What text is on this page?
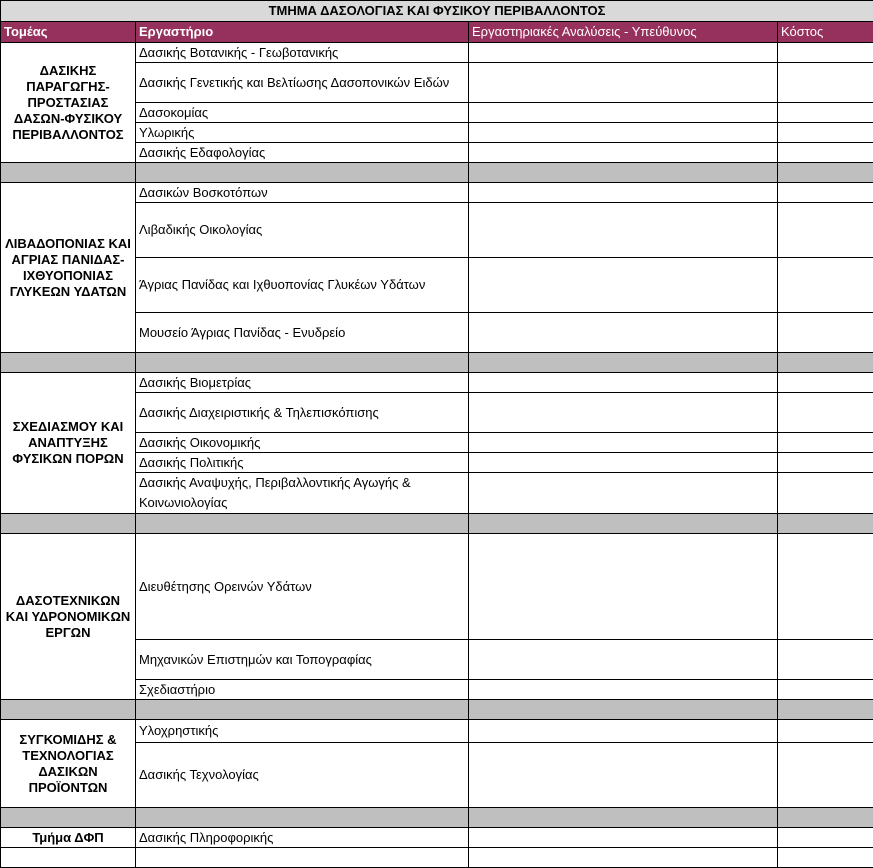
ΤΜΗΜΑ ΔΑΣΟΛΟΓΙΑΣ ΚΑΙ ΦΥΣΙΚΟΥ ΠΕΡΙΒΑΛΛΟΝΤΟΣ			
Τομέας	Εργαστήριο	Εργαστηριακές Αναλύσεις - Υπεύθυνος	Κόστος
ΔΑΣΙΚΗΣ ΠΑΡΑΓΩΓΗΣ-ΠΡΟΣΤΑΣΙΑΣ ΔΑΣΩΝ-ΦΥΣΙΚΟΥ ΠΕΡΙΒΑΛΛΟΝΤΟΣ	Δασικής Βοτανικής - Γεωβοτανικής		
	Δασικής Γενετικής και Βελτίωσης Δασοπονικών Ειδών		
	Δασοκομίας		
	Υλωρικής		
	Δασικής Εδαφολογίας		

ΛΙΒΑΔΟΠΟΝΙΑΣ ΚΑΙ ΑΓΡΙΑΣ ΠΑΝΙΔΑΣ-ΙΧΘΥΟΠΟΝΙΑΣ ΓΛΥΚΕΩΝ ΥΔΑΤΩΝ	Δασικών Βοσκοτόπων		
	Λιβαδικής Οικολογίας		
	Άγριας Πανίδας και Ιχθυοπονίας Γλυκέων Υδάτων		
	Μουσείο Άγριας Πανίδας - Ενυδρείο		

ΣΧΕΔΙΑΣΜΟΥ ΚΑΙ ΑΝΑΠΤΥΞΗΣ ΦΥΣΙΚΩΝ ΠΟΡΩΝ	Δασικής Βιομετρίας		
	Δασικής Διαχειριστικής & Τηλεπισκόπισης		
	Δασικής Οικονομικής		
	Δασικής Πολιτικής		
	Δασικής Αναψυχής, Περιβαλλοντικής Αγωγής & Κοινωνιολογίας		

ΔΑΣΟΤΕΧΝΙΚΩΝ ΚΑΙ ΥΔΡΟΝΟΜΙΚΩΝ ΕΡΓΩΝ	Διευθέτησης Ορεινών Υδάτων		
	Μηχανικών Επιστημών και Τοπογραφίας		
	Σχεδιαστήριο		

ΣΥΓΚΟΜΙΔΗΣ & ΤΕΧΝΟΛΟΓΙΑΣ ΔΑΣΙΚΩΝ ΠΡΟΪΟΝΤΩΝ	Υλοχρηστικής		
	Δασικής Τεχνολογίας		

Τμήμα ΔΦΠ	Δασικής Πληροφορικής		
